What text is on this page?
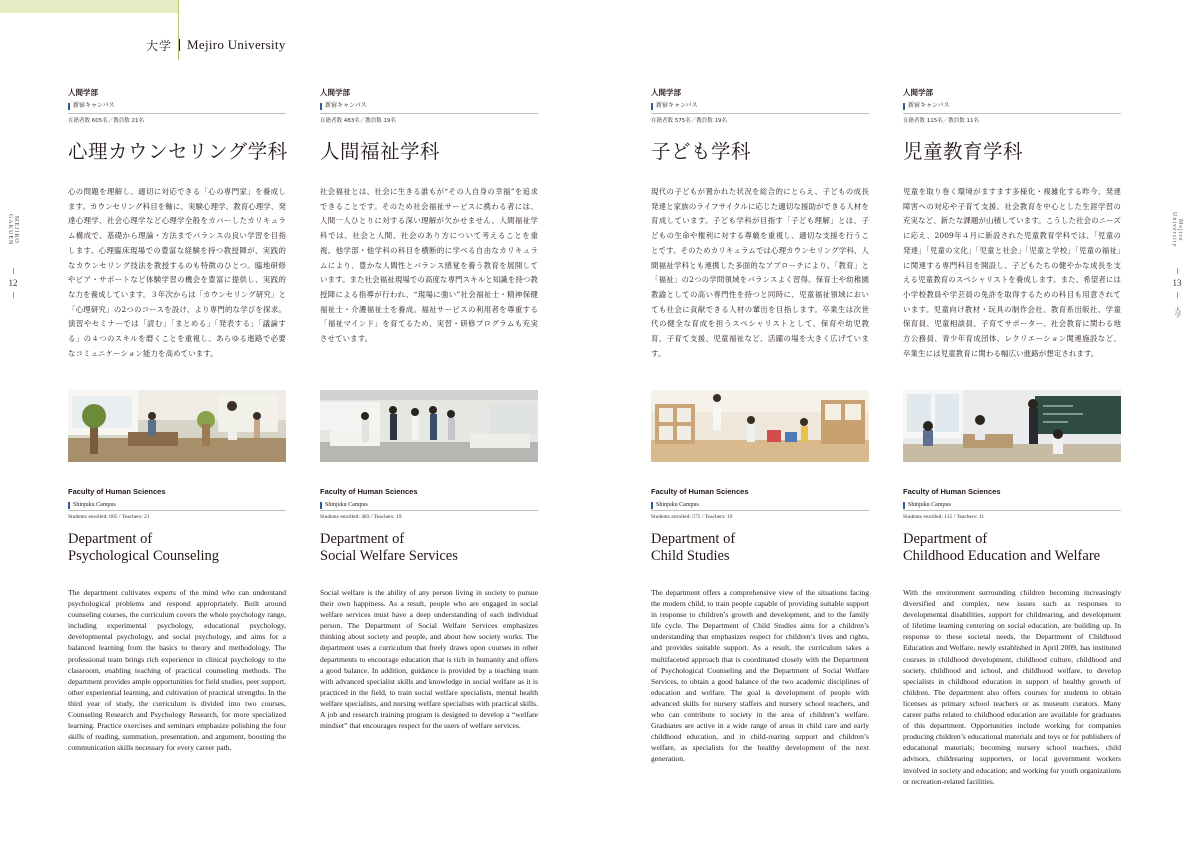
大学 Mejiro University
MEJIRO GAKUEN
12
Mejiro University
13
大学
人間学部
新宿キャンパス
在籍者数 605名／教員数 21名
心理カウンセリング学科
心の問題を理解し、適切に対応できる「心の専門家」を養成します。カウンセリング科目を軸に、実験心理学、教育心理学、発達心理学、社会心理学など心理学全般をカバーしたカリキュラム構成で、基礎から理論・方法までバランスの良い学習を目指します。心理臨床現場での豊富な経験を持つ教授陣が、実践的なカウンセリング技法を教授するのも特徴のひとつ。臨地研修やピア・サポートなど体験学習の機会を豊富に提供し、実践的な力を養成しています。３年次からは「カウンセリング研究」と「心理研究」の2つのコースを設け、より専門的な学びを探求。演習やセミナーでは「読む」「まとめる」「発表する」「議論する」の４つのスキルを磨くことを重視し、あらゆる進路で必要なコミュニケーション能力を高めています。
Faculty of Human Sciences
Shinjuku Campus
Students enrolled: 605 / Teachers: 21
Department of
Psychological Counseling
The department cultivates experts of the mind who can understand psychological problems and respond appropriately. Built around counseling courses, the curriculum covers the whole psychology range, including experimental psychology, educational psychology, developmental psychology, and social psychology, and aims for a balanced learning from the basics to theory and methodology. The professional team brings rich experience in clinical psychology to the classroom, enabling teaching of practical counseling methods. The department provides ample opportunities for field studies, peer support, other experiential learning, and cultivation of practical strengths. In the third year of study, the curriculum is divided into two courses, Counseling Research and Psychology Research, for more specialized learning. Practice exercises and seminars emphasize polishing the four skills of reading, summation, presentation, and argument, boosting the communication skills necessary for every career path.
人間学部
新宿キャンパス
在籍者数 483名／教員数 19名
人間福祉学科
社会福祉とは、社会に生きる誰もが“その人自身の幸福”を追求できることです。そのため社会福祉サービスに携わる者には、人間一人ひとりに対する深い理解が欠かせません。人間福祉学科では、社会と人間、社会のあり方について考えることを重視。他学部・他学科の科目を横断的に学べる自由なカリキュラムにより、豊かな人間性とバランス感覚を養う教育を展開しています。また社会福祉現場での高度な専門スキルと知識を持つ教授陣による指導が行われ、“現場に強い”社会福祉士・精神保健福祉士・介護福祉士を養成。福祉サービスの利用者を尊重する「福祉マインド」を育てるため、実習・研修プログラムも充実させています。
Faculty of Human Sciences
Shinjuku Campus
Students enrolled: 483 / Teachers: 19
Department of
Social Welfare Services
Social welfare is the ability of any person living in society to pursue their own happiness. As a result, people who are engaged in social welfare services must have a deep understanding of each individual person. The Department of Social Welfare Services emphasizes thinking about society and people, and about how society works. The department uses a curriculum that freely draws upon courses in other departments to encourage education that is rich in humanity and offers a good balance. In addition, guidance is provided by a teaching team with advanced specialist skills and knowledge in social welfare as it is practiced in the field, to train social welfare specialists, mental health welfare specialists, and nursing welfare specialists with practical skills. A job and research training program is designed to develop a “welfare mindset” that encourages respect for the users of welfare services.
人間学部
新宿キャンパス
在籍者数 575名／教員数 19名
子ども学科
現代の子どもが置かれた状況を総合的にとらえ、子どもの成長発達と家族のライフサイクルに応じた適切な援助ができる人材を育成しています。子ども学科が目指す「子ども理解」とは、子どもの生命や権利に対する尊厳を重視し、適切な支援を行うことです。そのためカリキュラムでは心理カウンセリング学科、人間福祉学科とも連携した多面的なアプローチにより、「教育」と「福祉」の2つの学問領域をバランスよく習得。保育士や幼稚園教諭としての高い専門性を持つと同時に、児童福祉領域においても社会に貢献できる人材の輩出を目指します。卒業生は次世代の健全な育成を担うスペシャリストとして、保育や幼児教育、子育て支援、児童福祉など、活躍の場を大きく広げています。
Faculty of Human Sciences
Shinjuku Campus
Students enrolled: 575 / Teachers: 19
Department of
Child Studies
The department offers a comprehensive view of the situations facing the modern child, to train people capable of providing suitable support in response to children’s growth and development, and to the family life cycle. The Department of Child Studies aims for a children’s understanding that emphasizes respect for children’s lives and rights, and provides suitable support. As a result, the curriculum takes a multifaceted approach that is coordinated closely with the Department of Psychological Counseling and the Department of Social Welfare Services, to obtain a good balance of the two academic disciplines of education and welfare. The goal is development of people with advanced skills for nursery staffers and nursery school teachers, and who can contribute to society in the area of children’s welfare. Graduates are active in a wide range of areas in child care and early childhood education, and in child-rearing support and children’s welfare, as specialists for the healthy development of the next generation.
人間学部
新宿キャンパス
在籍者数 115名／教員数 11名
児童教育学科
児童を取り巻く環境がますます多様化・複雑化する昨今、発達障害への対応や子育て支援、社会教育を中心とした生涯学習の充実など、新たな課題が山積しています。こうした社会のニーズに応え、2009年４月に新設された児童教育学科では、「児童の発達」「児童の文化」「児童と社会」「児童と学校」「児童の福祉」に関連する専門科目を開設し、子どもたちの健やかな成長を支える児童教育のスペシャリストを養成します。また、希望者には小学校教員や学芸員の免許を取得するための科目も用意されています。児童向け教材・玩具の制作会社、教育系出版社、学童保育員、児童相談員、子育てサポーター、社会教育に関わる地方公務員、青少年育成団体、レクリエーション関連施設など、卒業生には児童教育に関わる幅広い進路が想定されます。
Faculty of Human Sciences
Shinjuku Campus
Students enrolled: 115 / Teachers: 11
Department of
Childhood Education and Welfare
With the environment surrounding children becoming increasingly diversified and complex, new issues such as responses to developmental disabilities, support for childrearing, and development of lifetime learning centering on social education, are building up. In response to these societal needs, the Department of Childhood Education and Welfare, newly established in April 2009, has instituted courses in childhood development, childhood culture, childhood and society, childhood and school, and childhood welfare, to develop specialists in childhood education in support of healthy growth of children. The department also offers courses for students to obtain licenses as primary school teachers or as museum curators. Many career paths related to childhood education are available for graduates of this department. Opportunities include working for companies producing children’s educational materials and toys or for publishers of educational materials; becoming nursery school teachers, child advisors, childrearing supporters, or local government workers involved in society and education; and working for youth organizations or recreation-related facilities.
